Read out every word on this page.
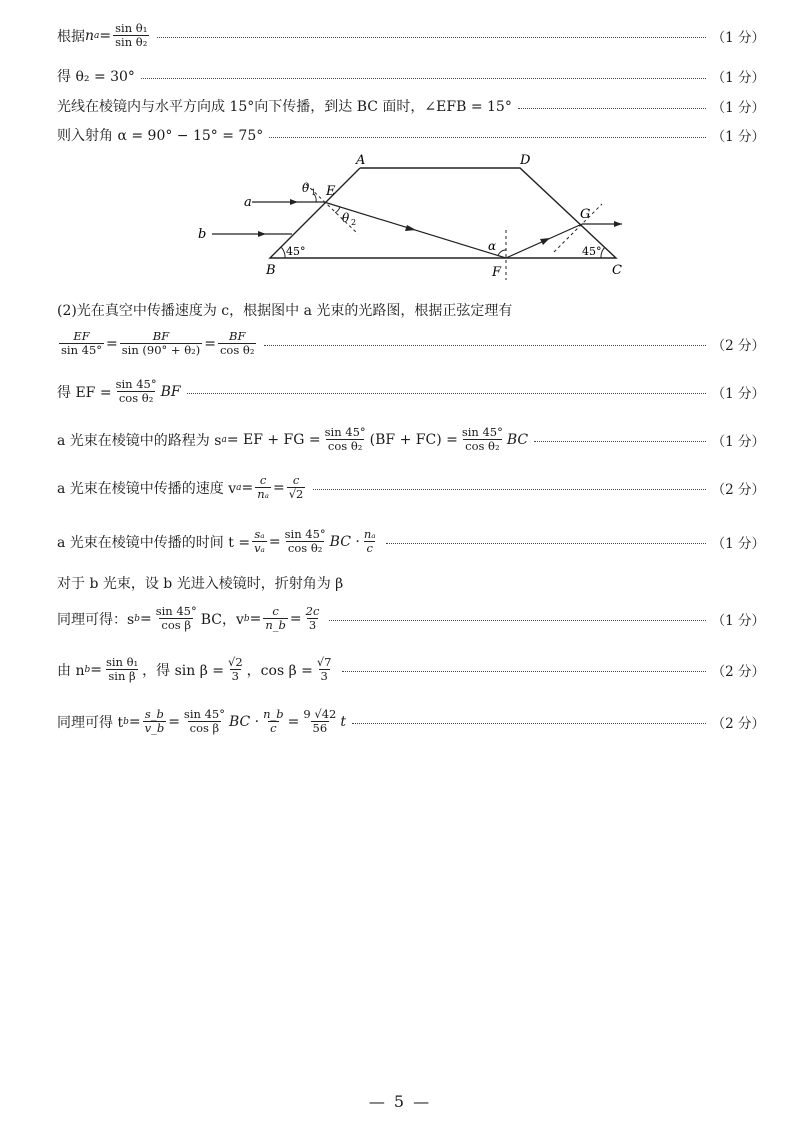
根据 n $a = \frac{\text{sin θ₁}}{\text{sin θ₂}}$	（1 分）
得 θ₂ = 30°	（1 分）
光线在棱镜内与水平方向成 15°向下传播，到达 BC 面时，∠EFB = 15°	（1 分）
则入射角 α = 90° − 15° = 75°	（1 分）
A	D
B	C
E
F
G
a
b
θ 1
θ 2
α
45°	45°
(2)光在真空中传播速度为 c，根据图中 a 光束的光路图，根据正弦定理有
$\frac{EF}{\sin 45^\circ} = \frac{BF}{\text{sin (90° + θ₂)}} = \frac{BF}{\text{cos θ₂}}$	（2 分）
得 EF = $\frac{\sin 45^\circ}{\text{cos θ₂}}$ BF	（1 分）
a 光束在棱镜中的路程为 s a = EF + FG = $\frac{\sin 45^\circ}{\text{cos θ₂}} (BF + FC) = \frac{\sin 45^\circ}{\text{cos θ₂}}$ BC	（1 分）
a 光束在棱镜中传播的速度 v $a = \frac{c}{\text{nₐ}} = \frac{c}{√2}$	（2 分）
a 光束在棱镜中传播的时间 $t = \frac{\text{sₐ}}{\text{vₐ}} = \frac{\sin 45^\circ}{\text{cos θ₂}}$ BC · $\frac{\text{nₐ}}{c}$	（1 分）
对于 b 光束，设 b 光进入棱镜时，折射角为 β
同理可得：s $b = \frac{\sin 45^\circ}{\text{cos β}}$ BC，v $b = \frac{c}{n\_b} = \frac{2c}{3}$	（1 分）
由 n $b = \frac{\text{sin θ₁}}{\text{sin β}}$ ，得 $\sin \beta = \frac{√2}{3}$ ，$\cos \beta = \frac{√7}{3}$	（2 分）
同理可得 t $b = \frac{s\_b}{v\_b} = \frac{\sin 45^\circ}{\text{cos β}}$ BC · $\frac{n\_b}{c} = \frac{9 √42}{56}$ t	（2 分）
— 5 —
